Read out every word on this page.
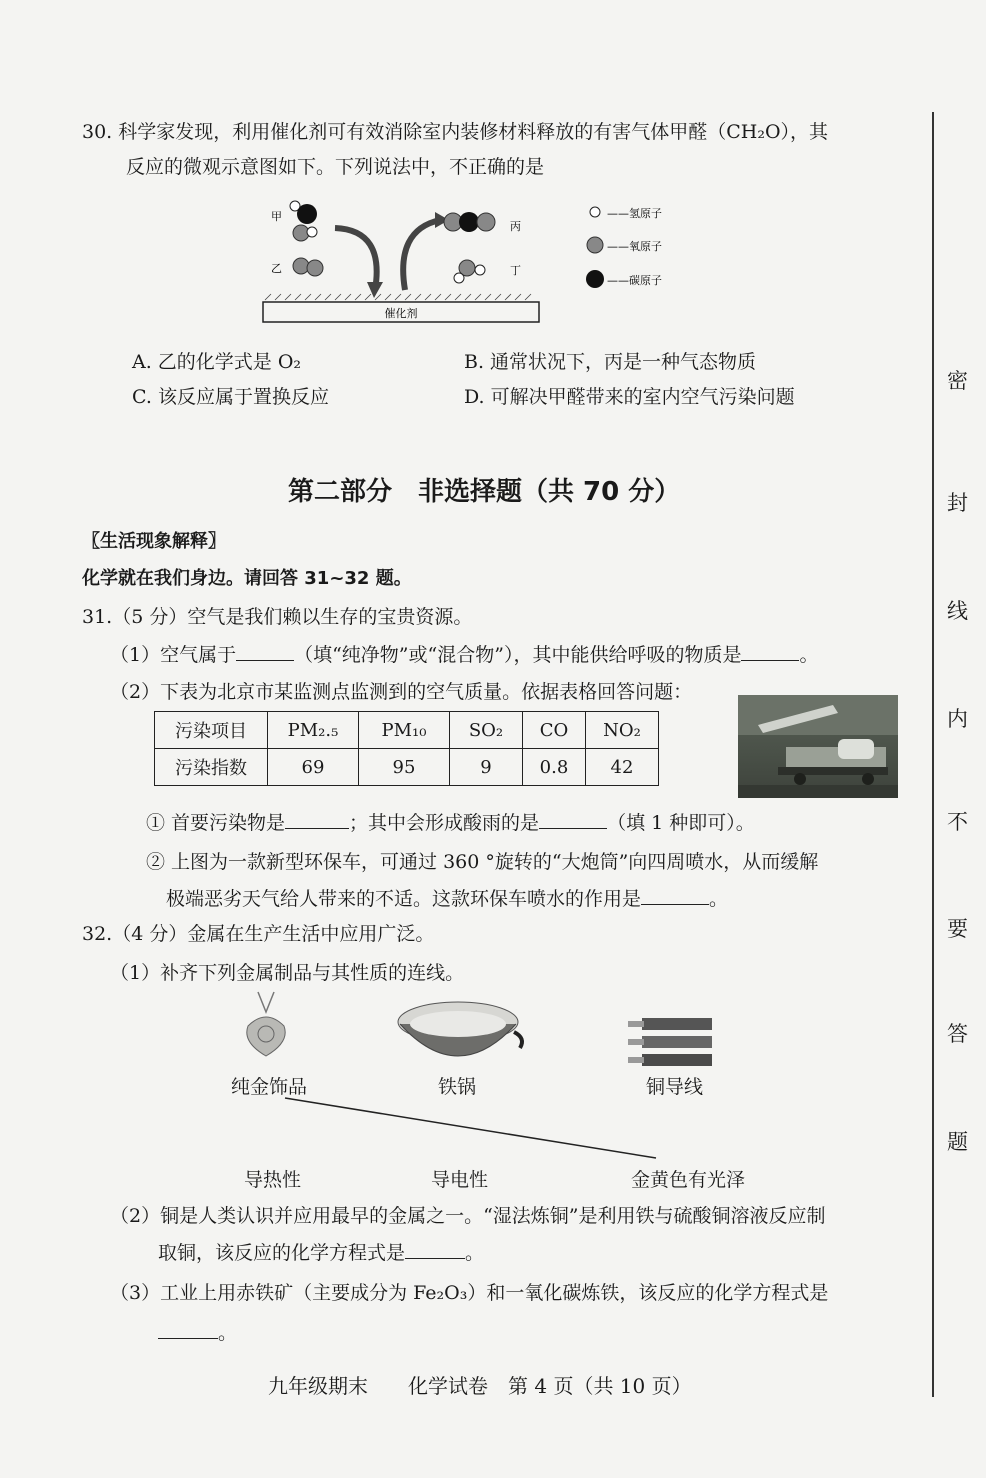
密
封
线
内
不
要
答
题
30. 科学家发现，利用催化剂可有效消除室内装修材料释放的有害气体甲醛（CH₂O），其
反应的微观示意图如下。下列说法中，不正确的是
催化剂
甲
乙
丙
丁
——氢原子
——氧原子
——碳原子
A. 乙的化学式是 O₂	B. 通常状况下，丙是一种气态物质
C. 该反应属于置换反应	D. 可解决甲醛带来的室内空气污染问题
第二部分　非选择题（共 70 分）
〖生活现象解释〗
化学就在我们身边。请回答 31~32 题。
31.（5 分）空气是我们赖以生存的宝贵资源。
（1）空气属于	（填“纯净物”或“混合物”），其中能供给呼吸的物质是	。
（2）下表为北京市某监测点监测到的空气质量。依据表格回答问题：
污染项目	PM₂.₅	PM₁₀	SO₂	CO	NO₂
污染指数	69	95	9	0.8	42
① 首要污染物是	；其中会形成酸雨的是	（填 1 种即可）。
② 上图为一款新型环保车，可通过 360 °旋转的“大炮筒”向四周喷水，从而缓解
极端恶劣天气给人带来的不适。这款环保车喷水的作用是	。
32.（4 分）金属在生产生活中应用广泛。
（1）补齐下列金属制品与其性质的连线。
纯金饰品	铁锅	铜导线
导热性	导电性	金黄色有光泽
（2）铜是人类认识并应用最早的金属之一。“湿法炼铜”是利用铁与硫酸铜溶液反应制
取铜，该反应的化学方程式是	。
（3）工业上用赤铁矿（主要成分为 Fe₂O₃）和一氧化碳炼铁，该反应的化学方程式是
。
九年级期末　　化学试卷　第 4 页（共 10 页）
